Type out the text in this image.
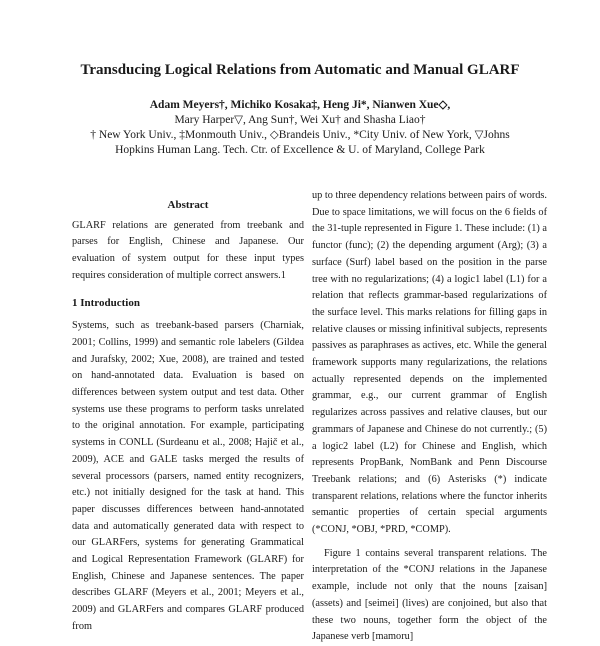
Transducing Logical Relations from Automatic and Manual GLARF
Adam Meyers†, Michiko Kosaka‡, Heng Ji*, Nianwen Xue◇,
Mary Harper▽, Ang Sun†, Wei Xu† and Shasha Liao†
† New York Univ., ‡Monmouth Univ., ◇Brandeis Univ., *City Univ. of New York, ▽Johns
Hopkins Human Lang. Tech. Ctr. of Excellence & U. of Maryland, College Park
Abstract

GLARF relations are generated from treebank and parses for English, Chinese and Japanese. Our evaluation of system output for these input types requires consideration of multiple correct answers.1

1 Introduction

Systems, such as treebank-based parsers (Charniak, 2001; Collins, 1999) and semantic role labelers (Gildea and Jurafsky, 2002; Xue, 2008), are trained and tested on hand-annotated data. Evaluation is based on differences between system output and test data. Other systems use these programs to perform tasks unrelated to the original annotation. For example, participating systems in CONLL (Surdeanu et al., 2008; Hajič et al., 2009), ACE and GALE tasks merged the results of several processors (parsers, named entity recognizers, etc.) not initially designed for the task at hand. This paper discusses differences between hand-annotated data and automatically generated data with respect to our GLARFers, systems for generating Grammatical and Logical Representation Framework (GLARF) for English, Chinese and Japanese sentences. The paper describes GLARF (Meyers et al., 2001; Meyers et al., 2009) and GLARFers and compares GLARF produced from

up to three dependency relations between pairs of words. Due to space limitations, we will focus on the 6 fields of the 31-tuple represented in Figure 1. These include: (1) a functor (func); (2) the depending argument (Arg); (3) a surface (Surf) label based on the position in the parse tree with no regularizations; (4) a logic1 label (L1) for a relation that reflects grammar-based regularizations of the surface level. This marks relations for filling gaps in relative clauses or missing infinitival subjects, represents passives as paraphrases as actives, etc. While the general framework supports many regularizations, the relations actually represented depends on the implemented grammar, e.g., our current grammar of English regularizes across passives and relative clauses, but our grammars of Japanese and Chinese do not currently.; (5) a logic2 label (L2) for Chinese and English, which represents PropBank, NomBank and Penn Discourse Treebank relations; and (6) Asterisks (*) indicate transparent relations, relations where the functor inherits semantic properties of certain special arguments (*CONJ, *OBJ, *PRD, *COMP).

Figure 1 contains several transparent relations. The interpretation of the *CONJ relations in the Japanese example, include not only that the nouns [zaisan] (assets) and [seimei] (lives) are conjoined, but also that these two nouns, together form the object of the Japanese verb [mamoru]
